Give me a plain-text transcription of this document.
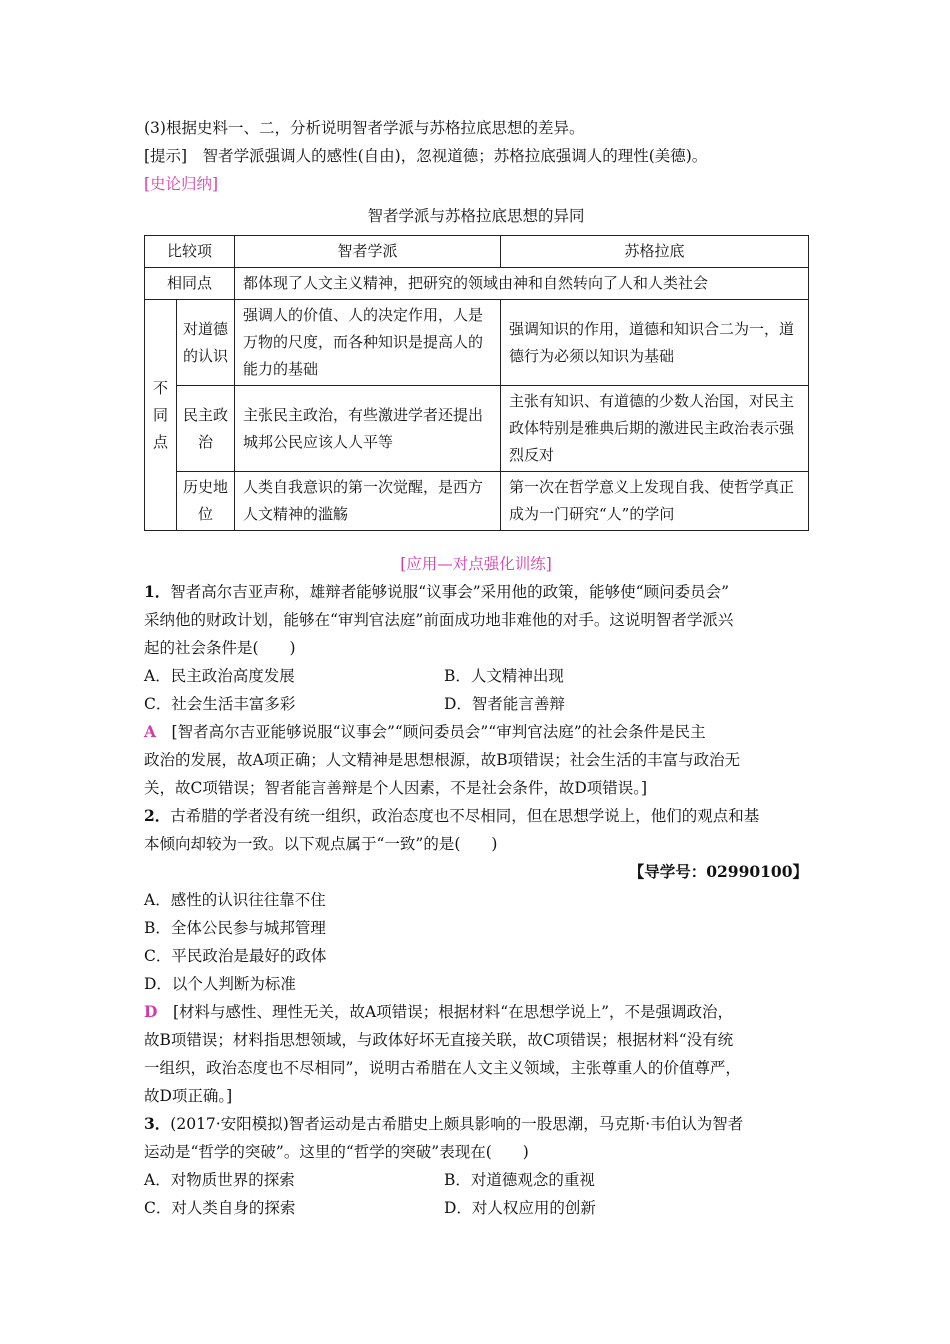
(3)根据史料一、二，分析说明智者学派与苏格拉底思想的差异。
[提示]　智者学派强调人的感性(自由)，忽视道德；苏格拉底强调人的理性(美德)。
[史论归纳]
智者学派与苏格拉底思想的异同
比较项		智者学派	苏格拉底
相同点		都体现了人文主义精神，把研究的领域由神和自然转向了人和人类社会	
不同点	对道德的认识	强调人的价值、人的决定作用，人是万物的尺度，而各种知识是提高人的能力的基础	强调知识的作用，道德和知识合二为一，道德行为必须以知识为基础
	民主政治	主张民主政治，有些激进学者还提出城邦公民应该人人平等	主张有知识、有道德的少数人治国，对民主政体特别是雅典后期的激进民主政治表示强烈反对
	历史地位	人类自我意识的第一次觉醒，是西方人文精神的滥觞	第一次在哲学意义上发现自我、使哲学真正成为一门研究“人”的学问
[应用—对点强化训练]
1．智者高尔吉亚声称，雄辩者能够说服“议事会”采用他的政策，能够使“顾问委员会”
采纳他的财政计划，能够在“审判官法庭”前面成功地非难他的对手。这说明智者学派兴
起的社会条件是(　　)
A．民主政治高度发展	B．人文精神出现
C．社会生活丰富多彩	D．智者能言善辩
A　[智者高尔吉亚能够说服“议事会”“顾问委员会”“审判官法庭”的社会条件是民主
政治的发展，故A项正确；人文精神是思想根源，故B项错误；社会生活的丰富与政治无
关，故C项错误；智者能言善辩是个人因素，不是社会条件，故D项错误。]
2．古希腊的学者没有统一组织，政治态度也不尽相同，但在思想学说上，他们的观点和基
本倾向却较为一致。以下观点属于“一致”的是(　　)
【导学号：02990100】
A．感性的认识往往靠不住
B．全体公民参与城邦管理
C．平民政治是最好的政体
D．以个人判断为标准
D　[材料与感性、理性无关，故A项错误；根据材料“在思想学说上”，不是强调政治，
故B项错误；材料指思想领域，与政体好坏无直接关联，故C项错误；根据材料“没有统
一组织，政治态度也不尽相同”，说明古希腊在人文主义领域，主张尊重人的价值尊严，
故D项正确。]
3．(2017·安阳模拟)智者运动是古希腊史上颇具影响的一股思潮，马克斯·韦伯认为智者
运动是“哲学的突破”。这里的“哲学的突破”表现在(　　)
A．对物质世界的探索	B．对道德观念的重视
C．对人类自身的探索	D．对人权应用的创新
